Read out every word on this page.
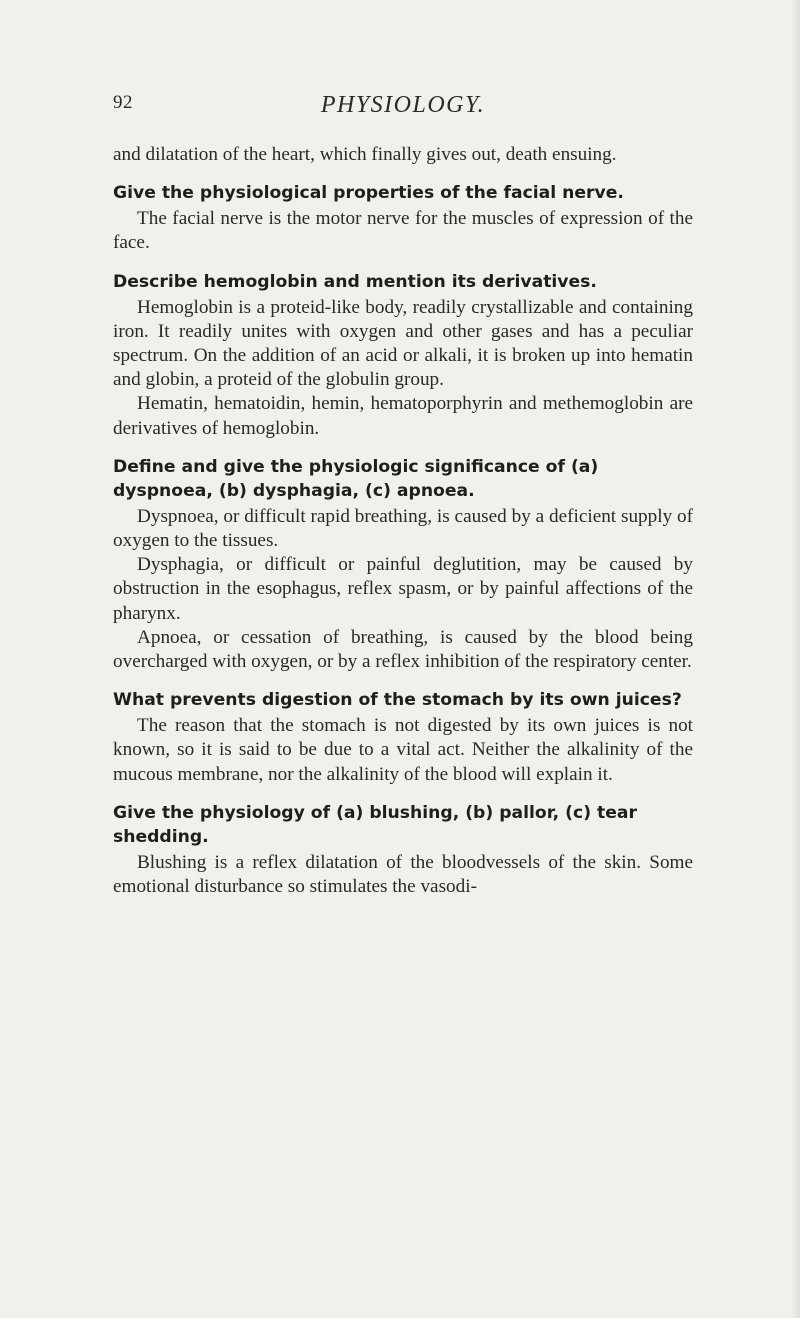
92	PHYSIOLOGY.

and dilatation of the heart, which finally gives out, death ensuing.

Give the physiological properties of the facial nerve.

The facial nerve is the motor nerve for the muscles of expression of the face.

Describe hemoglobin and mention its derivatives.

Hemoglobin is a proteid-like body, readily crystallizable and containing iron. It readily unites with oxygen and other gases and has a peculiar spectrum. On the addition of an acid or alkali, it is broken up into hematin and globin, a proteid of the globulin group.

Hematin, hematoidin, hemin, hematoporphyrin and methemoglobin are derivatives of hemoglobin.

Define and give the physiologic significance of (a) dyspnoea, (b) dysphagia, (c) apnoea.

Dyspnoea, or difficult rapid breathing, is caused by a deficient supply of oxygen to the tissues.

Dysphagia, or difficult or painful deglutition, may be caused by obstruction in the esophagus, reflex spasm, or by painful affections of the pharynx.

Apnoea, or cessation of breathing, is caused by the blood being overcharged with oxygen, or by a reflex inhibition of the respiratory center.

What prevents digestion of the stomach by its own juices?

The reason that the stomach is not digested by its own juices is not known, so it is said to be due to a vital act. Neither the alkalinity of the mucous membrane, nor the alkalinity of the blood will explain it.

Give the physiology of (a) blushing, (b) pallor, (c) tear shedding.

Blushing is a reflex dilatation of the bloodvessels of the skin. Some emotional disturbance so stimulates the vasodi-
